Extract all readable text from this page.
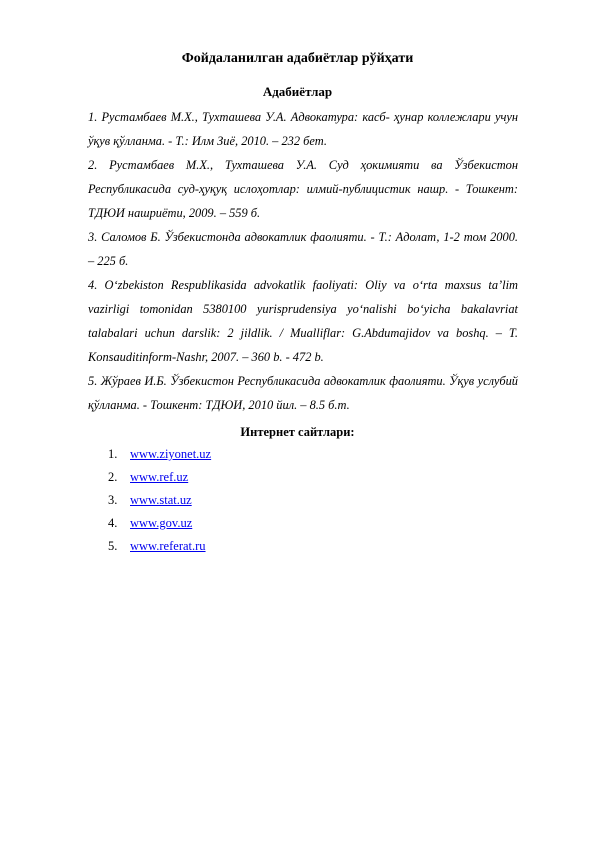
Фойдаланилган адабиётлар рўйҳати
Адабиётлар

1. Рустамбаев М.Х., Тухташева У.А. Адвокатура: касб- ҳунар коллежлари учун ўқув қўлланма. - Т.: Илм Зиё, 2010. – 232 бет.

2. Рустамбаев М.Х., Тухташева У.А. Суд ҳокимияти ва Ўзбекистон Республикасида суд-ҳуқуқ ислоҳотлар: илмий-публицистик нашр. - Тошкент: ТДЮИ нашриёти, 2009. – 559 б.

3. Саломов Б. Ўзбекистонда адвокатлик фаолияти. - Т.: Адолат, 1-2 том 2000. – 225 б.

4. O‘zbekiston Respublikasida advokatlik faoliyati: Oliy va o‘rta maxsus ta’lim vazirligi tomonidan 5380100 yurisprudensiya yo‘nalishi bo‘yicha bakalavriat talabalari uchun darslik: 2 jildlik. / Mualliflar: G.Abdumajidov va boshq. – T. Konsauditinform-Nashr, 2007. – 360 b. - 472 b.

5. Жўраев И.Б. Ўзбекистон Республикасида адвокатлик фаолияти. Ўқув услубий қўлланма. - Тошкент: ТДЮИ, 2010 йил. – 8.5 б.т.

Интернет сайтлари:
1. www.ziyonet.uz
2. www.ref.uz
3. www.stat.uz
4. www.gov.uz
5. www.referat.ru
